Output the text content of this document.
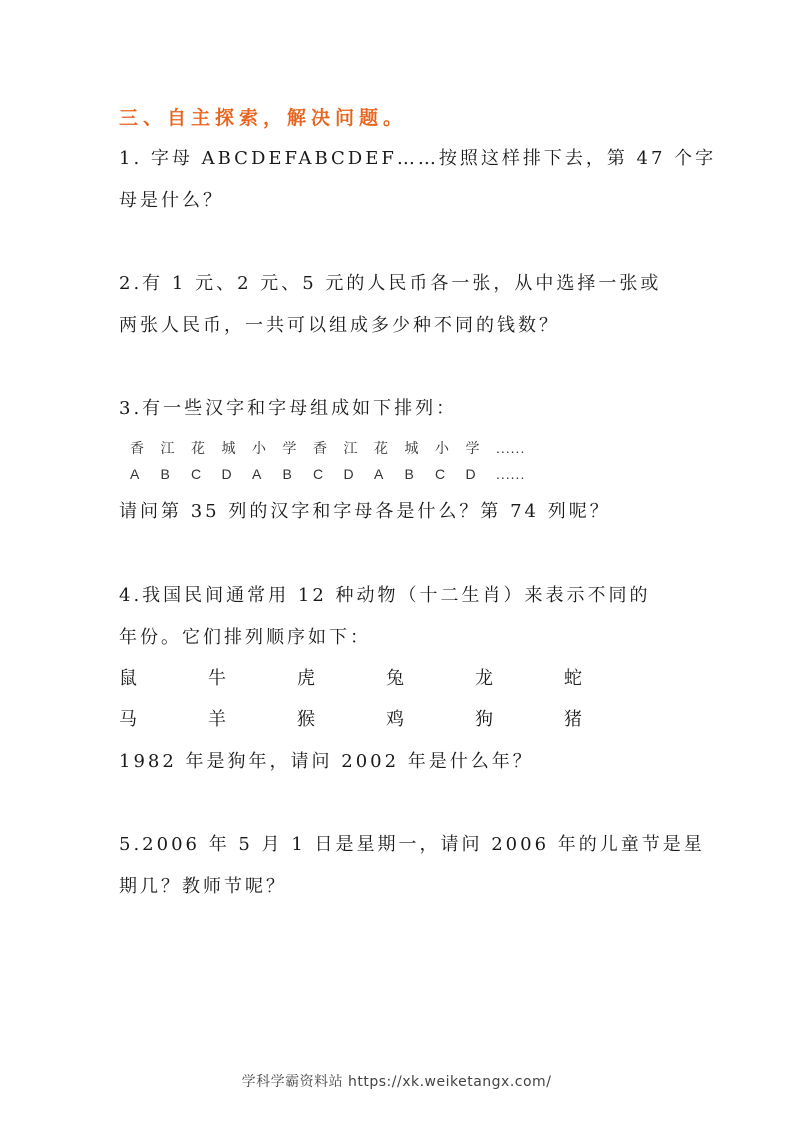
三、自主探索，解决问题。
1. 字母 ABCDEFABCDEF……按照这样排下去，第 47 个字
母是什么？
2.有 1 元、2 元、5 元的人民币各一张，从中选择一张或
两张人民币，一共可以组成多少种不同的钱数？
3.有一些汉字和字母组成如下排列：
香 江 花 城 小 学 香 江 花 城 小 学 ......
A B C D A B C D A B C D ......
请问第 35 列的汉字和字母各是什么？第 74 列呢？
4.我国民间通常用 12 种动物（十二生肖）来表示不同的
年份。它们排列顺序如下：
鼠	牛	虎	兔	龙	蛇
马	羊	猴	鸡	狗	猪
1982 年是狗年，请问 2002 年是什么年？
5.2006 年 5 月 1 日是星期一，请问 2006 年的儿童节是星
期几？教师节呢？
学科学霸资料站 https://xk.weiketangx.com/
